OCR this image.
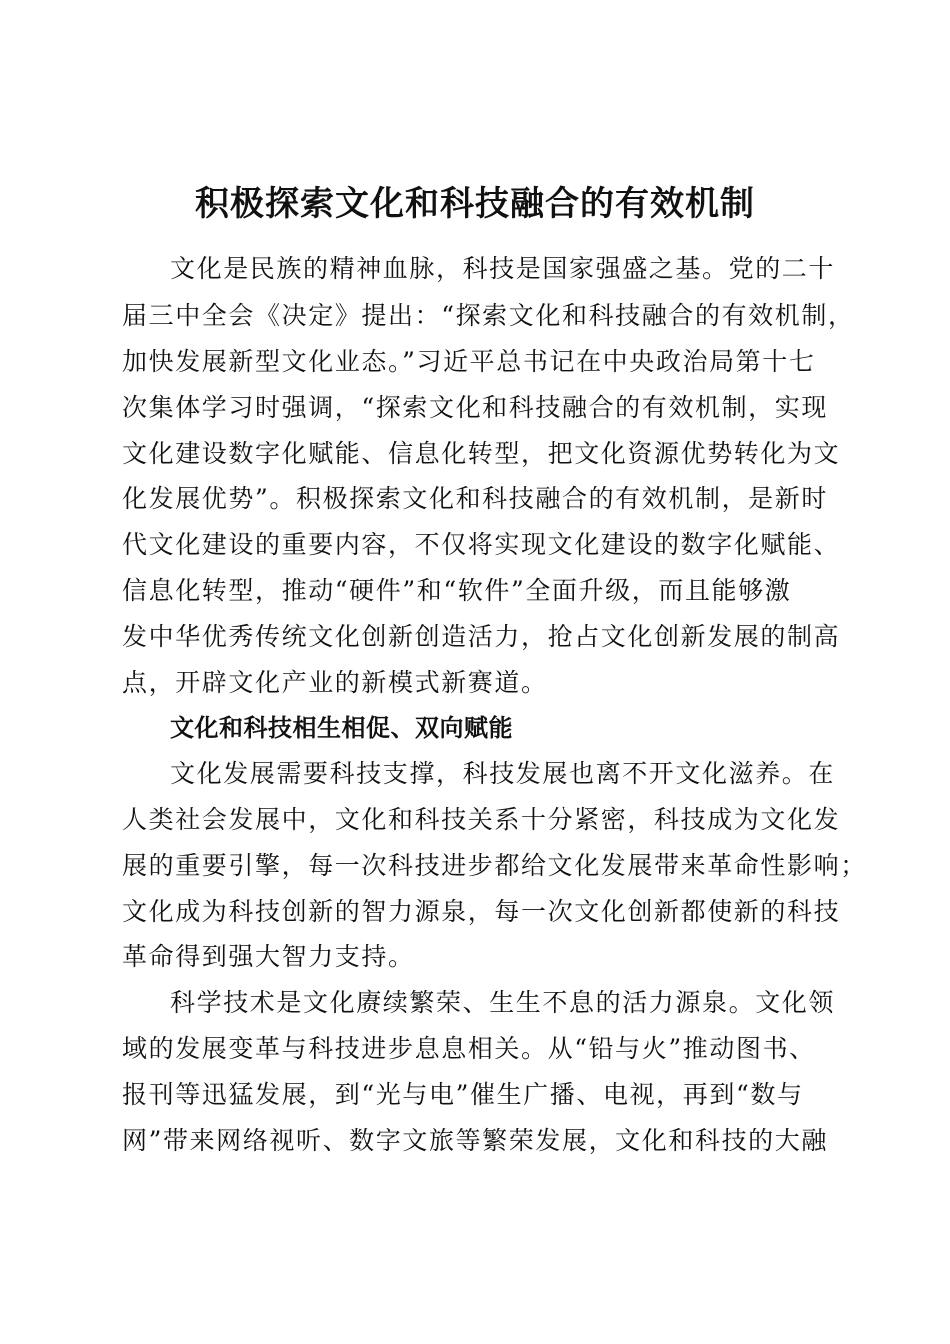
积极探索文化和科技融合的有效机制
文化是民族的精神血脉，科技是国家强盛之基。党的二十
届三中全会《决定》提出：“探索文化和科技融合的有效机制，
加快发展新型文化业态。”习近平总书记在中央政治局第十七
次集体学习时强调，“探索文化和科技融合的有效机制，实现
文化建设数字化赋能、信息化转型，把文化资源优势转化为文
化发展优势”。积极探索文化和科技融合的有效机制，是新时
代文化建设的重要内容，不仅将实现文化建设的数字化赋能、
信息化转型，推动“硬件”和“软件”全面升级，而且能够激
发中华优秀传统文化创新创造活力，抢占文化创新发展的制高
点，开辟文化产业的新模式新赛道。
文化和科技相生相促、双向赋能
文化发展需要科技支撑，科技发展也离不开文化滋养。在
人类社会发展中，文化和科技关系十分紧密，科技成为文化发
展的重要引擎，每一次科技进步都给文化发展带来革命性影响；
文化成为科技创新的智力源泉，每一次文化创新都使新的科技
革命得到强大智力支持。
科学技术是文化赓续繁荣、生生不息的活力源泉。文化领
域的发展变革与科技进步息息相关。从“铅与火”推动图书、
报刊等迅猛发展，到“光与电”催生广播、电视，再到“数与
网”带来网络视听、数字文旅等繁荣发展，文化和科技的大融
